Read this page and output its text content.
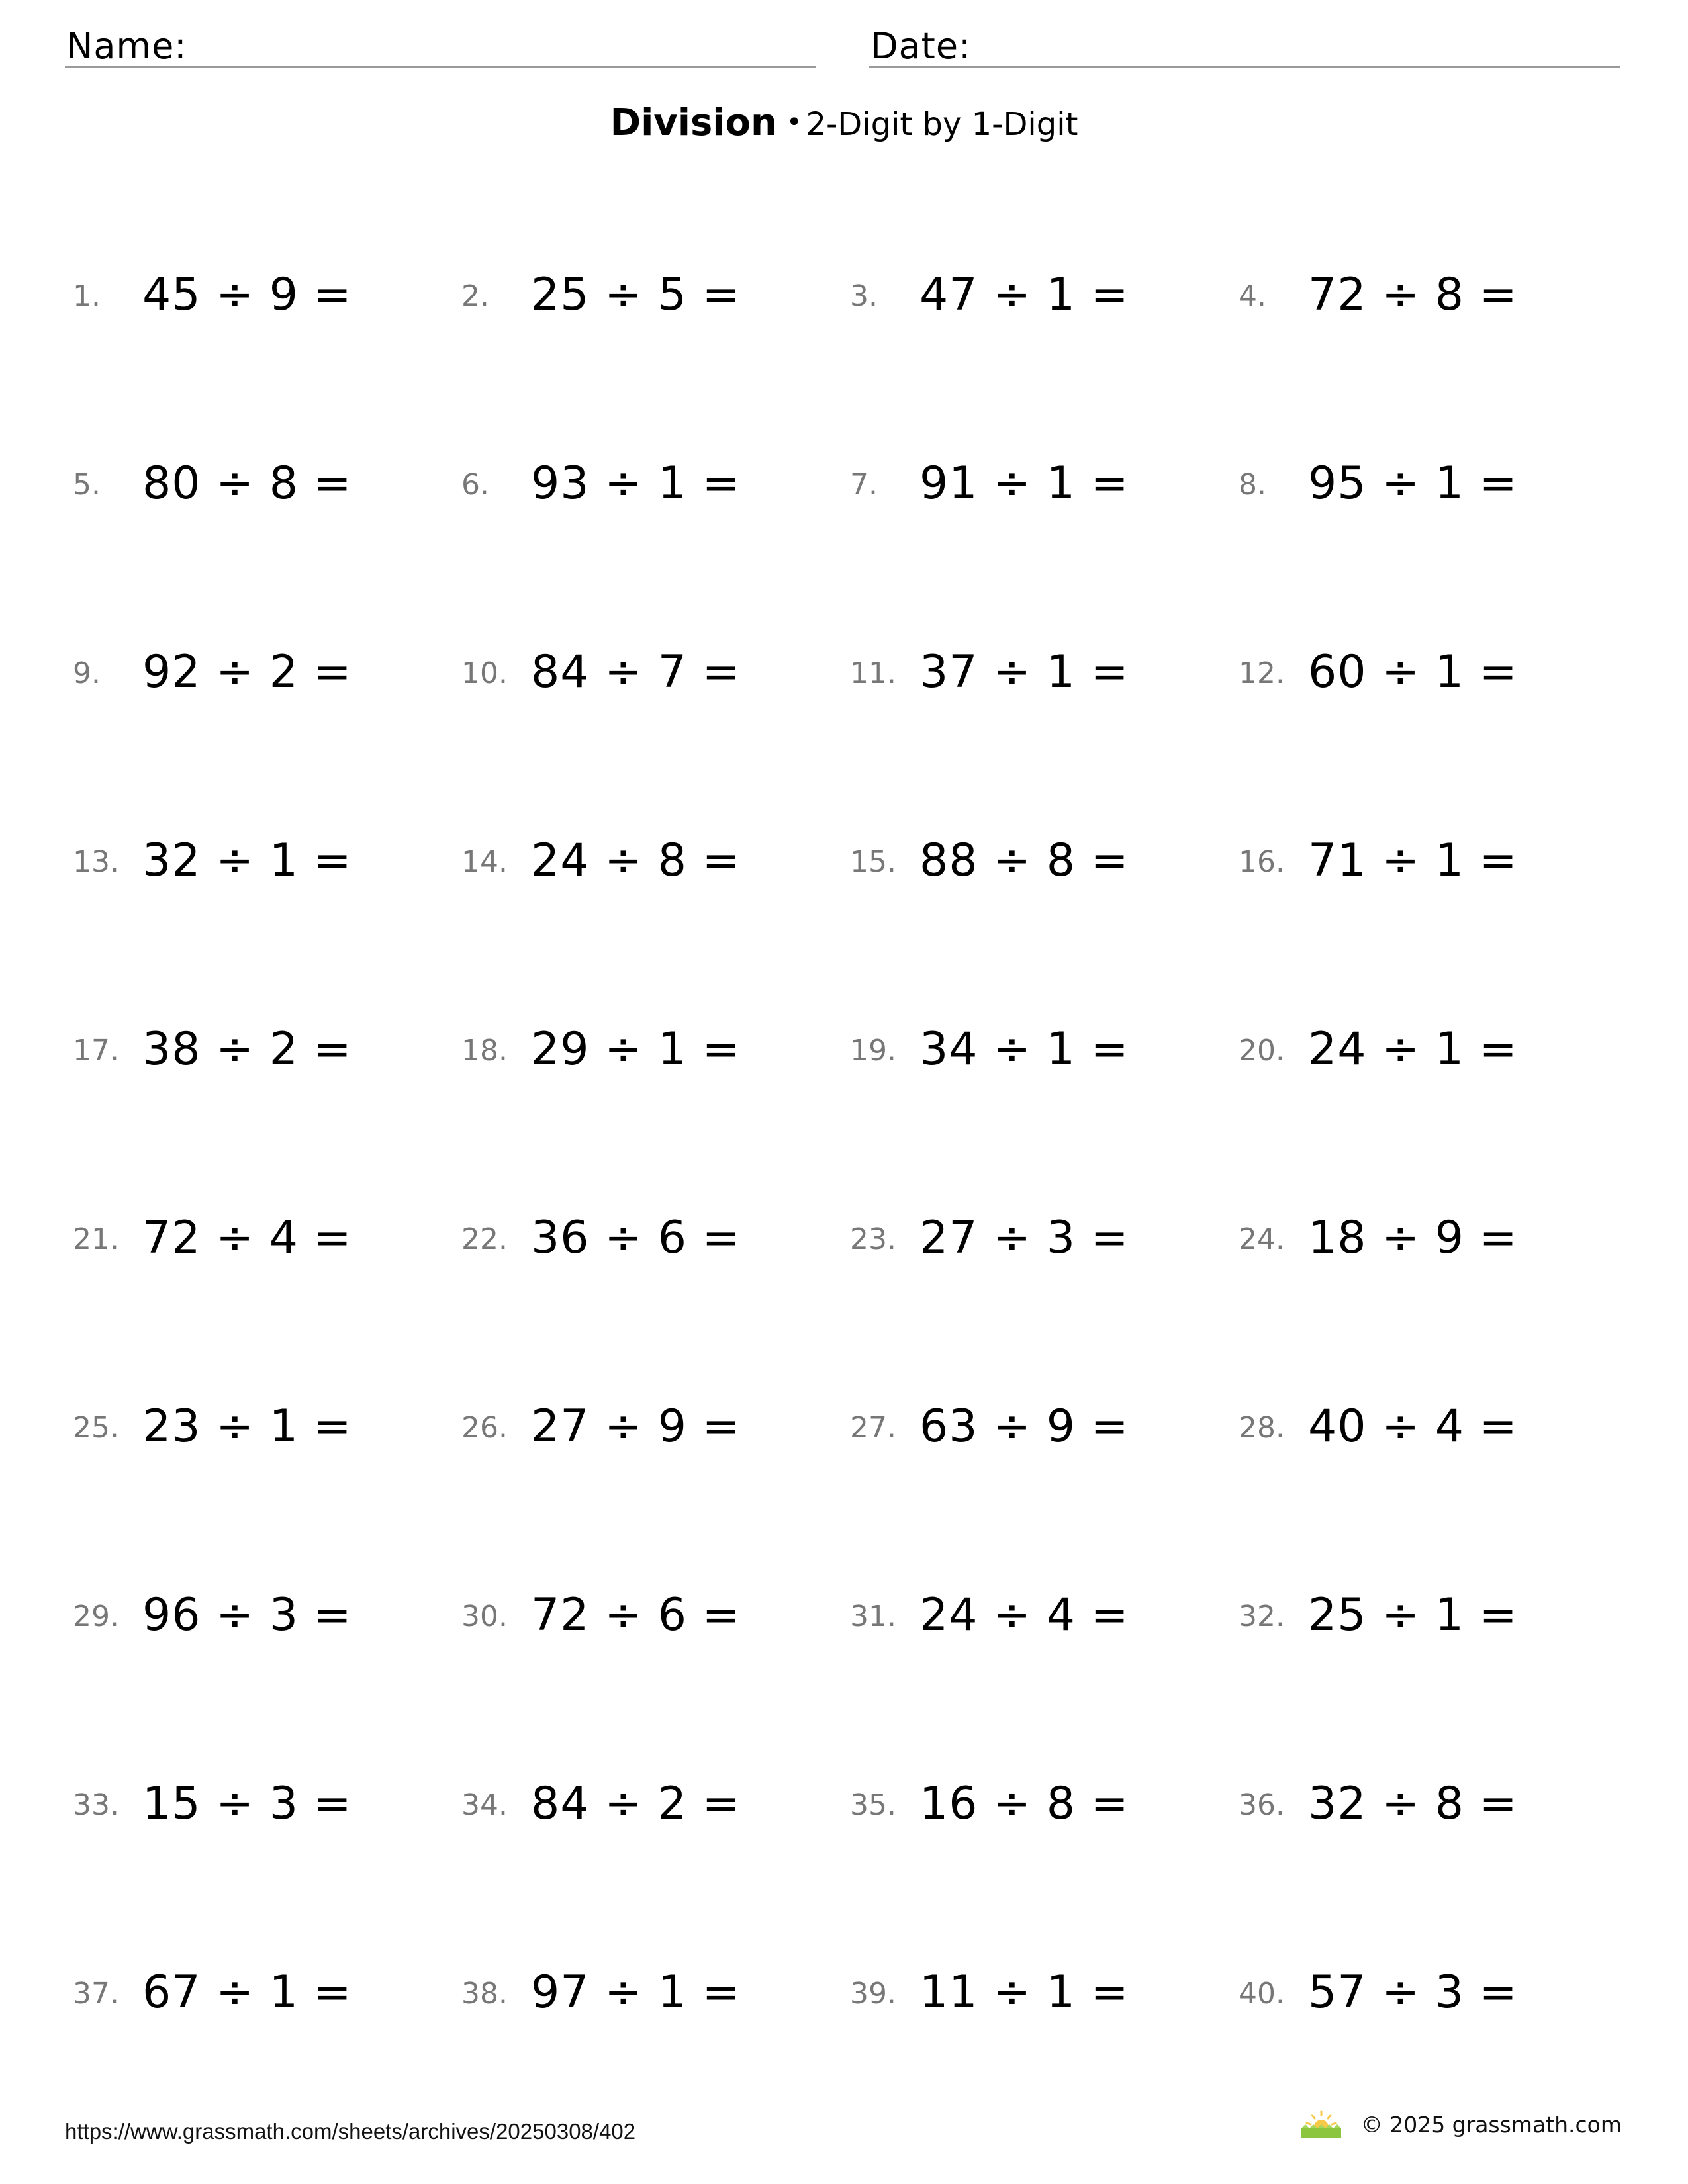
Name:	Date:
Division • 2-Digit by 1-Digit
1. 45 ÷ 9 =	2. 25 ÷ 5 =	3. 47 ÷ 1 =	4. 72 ÷ 8 =
5. 80 ÷ 8 =	6. 93 ÷ 1 =	7. 91 ÷ 1 =	8. 95 ÷ 1 =
9. 92 ÷ 2 =	10. 84 ÷ 7 =	11. 37 ÷ 1 =	12. 60 ÷ 1 =
13. 32 ÷ 1 =	14. 24 ÷ 8 =	15. 88 ÷ 8 =	16. 71 ÷ 1 =
17. 38 ÷ 2 =	18. 29 ÷ 1 =	19. 34 ÷ 1 =	20. 24 ÷ 1 =
21. 72 ÷ 4 =	22. 36 ÷ 6 =	23. 27 ÷ 3 =	24. 18 ÷ 9 =
25. 23 ÷ 1 =	26. 27 ÷ 9 =	27. 63 ÷ 9 =	28. 40 ÷ 4 =
29. 96 ÷ 3 =	30. 72 ÷ 6 =	31. 24 ÷ 4 =	32. 25 ÷ 1 =
33. 15 ÷ 3 =	34. 84 ÷ 2 =	35. 16 ÷ 8 =	36. 32 ÷ 8 =
37. 67 ÷ 1 =	38. 97 ÷ 1 =	39. 11 ÷ 1 =	40. 57 ÷ 3 =
https://www.grassmath.com/sheets/archives/20250308/402	© 2025 grassmath.com
